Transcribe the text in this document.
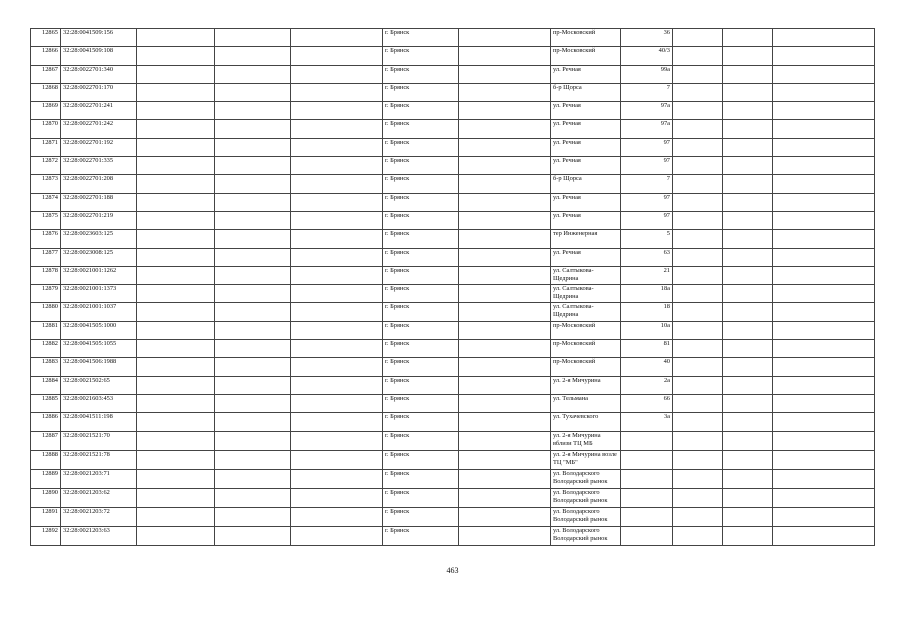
12865	32:28:0041509:156				г. Брянск		пр-Московский	36			
12866	32:28:0041509:108				г. Брянск		пр-Московский	40/3			
12867	32:28:0022701:340				г. Брянск		ул. Речная	99а			
12868	32:28:0022701:170				г. Брянск		б-р Щорса	7			
12869	32:28:0022701:241				г. Брянск		ул. Речная	97а			
12870	32:28:0022701:242				г. Брянск		ул. Речная	97а			
12871	32:28:0022701:192				г. Брянск		ул. Речная	97			
12872	32:28:0022701:335				г. Брянск		ул. Речная	97			
12873	32:28:0022701:208				г. Брянск		б-р Щорса	7			
12874	32:28:0022701:188				г. Брянск		ул. Речная	97			
12875	32:28:0022701:219				г. Брянск		ул. Речная	97			
12876	32:28:0023603:125				г. Брянск		тер Инженерная	5			
12877	32:28:0023008:125				г. Брянск		ул. Речная	63			
12878	32:28:0021001:1262				г. Брянск		ул. Салтыкова-Щедрина	21			
12879	32:28:0021001:1373				г. Брянск		ул. Салтыкова-Щедрина	18а			
12880	32:28:0021001:1037				г. Брянск		ул. Салтыкова-Щедрина	18			
12881	32:28:0041505:1000				г. Брянск		пр-Московский	10а			
12882	32:28:0041505:1055				г. Брянск		пр-Московский	81			
12883	32:28:0041506:1988				г. Брянск		пр-Московский	40			
12884	32:28:0021502:65				г. Брянск		ул. 2-я Мичурина	2а			
12885	32:28:0021603:453				г. Брянск		ул. Тельмана	66			
12886	32:28:0041511:198				г. Брянск		ул. Тухачевского	3а			
12887	32:28:0021521:70				г. Брянск		ул. 2-я Мичурина вблизи ТЦ МБ				
12888	32:28:0021521:78				г. Брянск		ул. 2-я Мичурина возле ТЦ "МБ"				
12889	32:28:0021203:71				г. Брянск		ул. Володарского Володарский рынок				
12890	32:28:0021203:62				г. Брянск		ул. Володарского Володарский рынок				
12891	32:28:0021203:72				г. Брянск		ул. Володарского Володарский рынок				
12892	32:28:0021203:63				г. Брянск		ул. Володарского Володарский рынок				
463
